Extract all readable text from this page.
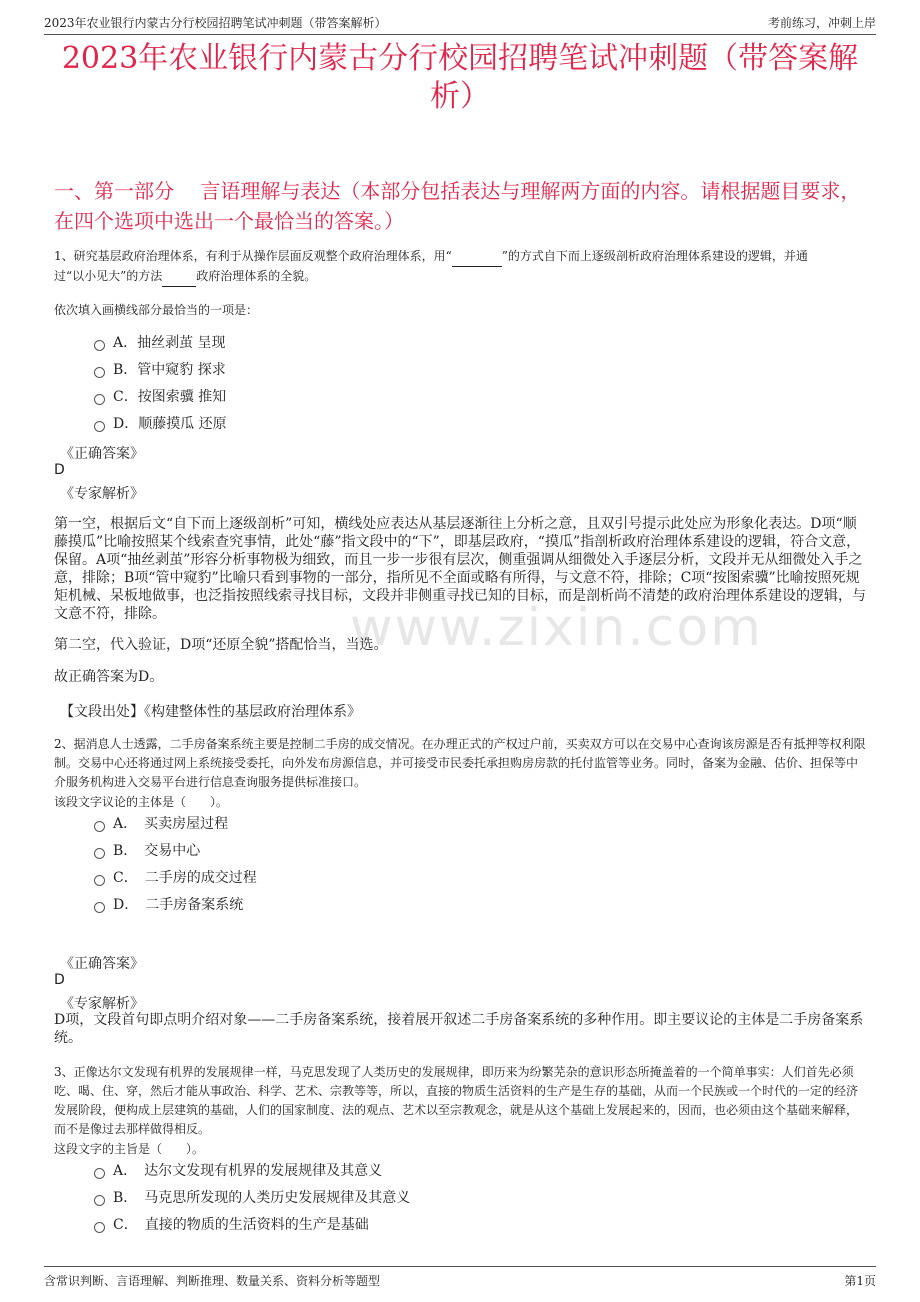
2023年农业银行内蒙古分行校园招聘笔试冲刺题（带答案解析）	考前练习，冲刺上岸
www.zixin.com
2023年农业银行内蒙古分行校园招聘笔试冲刺题（带答案解析）
一、第一部分　 言语理解与表达（本部分包括表达与理解两方面的内容。请根据题目要求，在四个选项中选出一个最恰当的答案。）
1、研究基层政府治理体系，有利于从操作层面反观整个政府治理体系，用“	”的方式自下而上逐级剖析政府治理体系建设的逻辑，并通
过“以小见大”的方法	政府治理体系的全貌。
依次填入画横线部分最恰当的一项是：
A．抽丝剥茧 呈现
B．管中窥豹 探求
C．按图索骥 推知
D．顺藤摸瓜 还原
《正确答案》
D
《专家解析》
第一空，根据后文“自下而上逐级剖析”可知，横线处应表达从基层逐渐往上分析之意，且双引号提示此处应为形象化表达。D项“顺藤摸瓜”比喻按照某个线索查究事情，此处“藤”指文段中的“下”，即基层政府，“摸瓜”指剖析政府治理体系建设的逻辑，符合文意，保留。A项“抽丝剥茧”形容分析事物极为细致，而且一步一步很有层次，侧重强调从细微处入手逐层分析，文段并无从细微处入手之意，排除；B项“管中窥豹”比喻只看到事物的一部分，指所见不全面或略有所得，与文意不符，排除；C项“按图索骥”比喻按照死规矩机械、呆板地做事，也泛指按照线索寻找目标，文段并非侧重寻找已知的目标，而是剖析尚不清楚的政府治理体系建设的逻辑，与文意不符，排除。
第二空，代入验证，D项“还原全貌”搭配恰当，当选。
故正确答案为D。
【文段出处】《构建整体性的基层政府治理体系》
2、据消息人士透露，二手房备案系统主要是控制二手房的成交情况。在办理正式的产权过户前，买卖双方可以在交易中心查询该房源是否有抵押等权利限制。交易中心还将通过网上系统接受委托，向外发布房源信息，并可接受市民委托承担购房房款的托付监管等业务。同时，备案为金融、估价、担保等中介服务机构进入交易平台进行信息查询服务提供标准接口。
该段文字议论的主体是（　　）。
A．　买卖房屋过程
B．　交易中心
C．　二手房的成交过程
D．　二手房备案系统
《正确答案》
D
《专家解析》
D项，文段首句即点明介绍对象——二手房备案系统，接着展开叙述二手房备案系统的多种作用。即主要议论的主体是二手房备案系统。
3、正像达尔文发现有机界的发展规律一样，马克思发现了人类历史的发展规律，即历来为纷繁芜杂的意识形态所掩盖着的一个简单事实：人们首先必须吃、喝、住、穿，然后才能从事政治、科学、艺术、宗教等等，所以，直接的物质生活资料的生产是生存的基础，从而一个民族或一个时代的一定的经济发展阶段，便构成上层建筑的基础，人们的国家制度、法的观点、艺术以至宗教观念，就是从这个基础上发展起来的，因而，也必须由这个基础来解释，而不是像过去那样做得相反。
这段文字的主旨是（　　）。
A．　达尔文发现有机界的发展规律及其意义
B．　马克思所发现的人类历史发展规律及其意义
C．　直接的物质的生活资料的生产是基础
含常识判断、言语理解、判断推理、数量关系、资料分析等题型	第1页
